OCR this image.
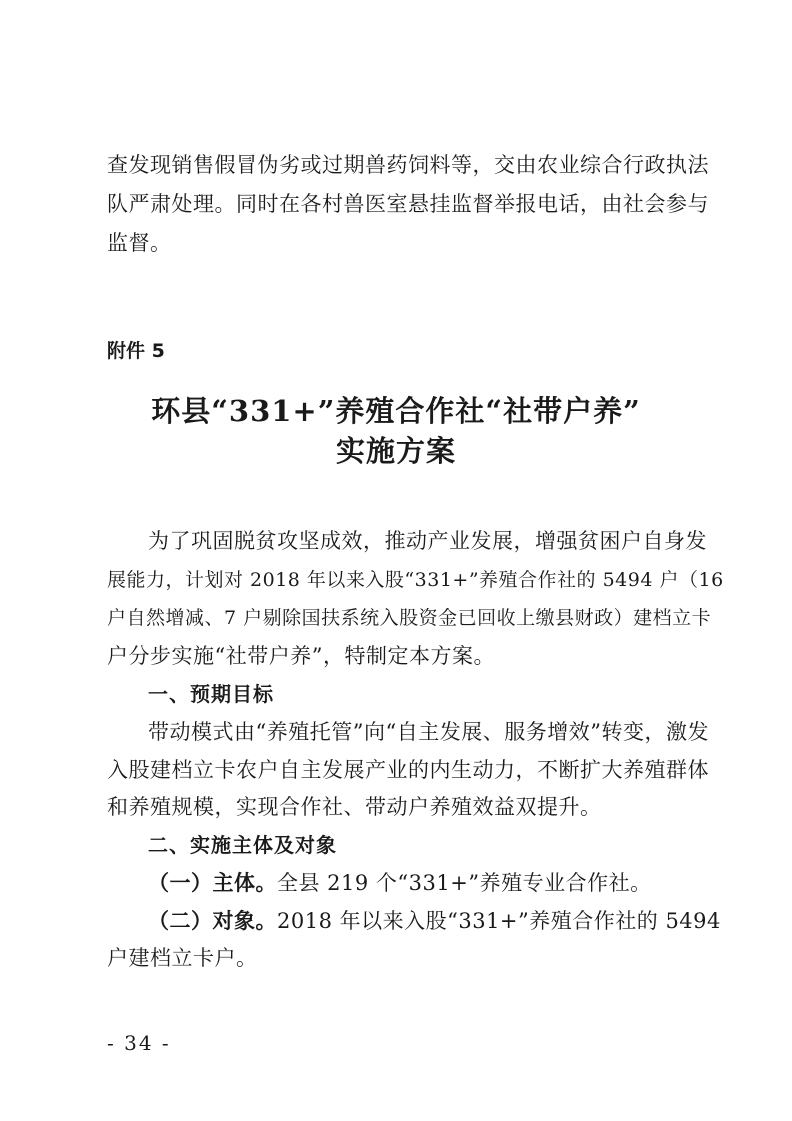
查发现销售假冒伪劣或过期兽药饲料等，交由农业综合行政执法
队严肃处理。同时在各村兽医室悬挂监督举报电话，由社会参与
监督。
附件 5
环县“331+”养殖合作社“社带户养”
实施方案
为了巩固脱贫攻坚成效，推动产业发展，增强贫困户自身发
展能力，计划对 2018 年以来入股“331+”养殖合作社的 5494 户（16
户自然增减、7 户剔除国扶系统入股资金已回收上缴县财政）建档立卡
户分步实施“社带户养”，特制定本方案。
一、预期目标
带动模式由“养殖托管”向“自主发展、服务增效”转变，激发
入股建档立卡农户自主发展产业的内生动力，不断扩大养殖群体
和养殖规模，实现合作社、带动户养殖效益双提升。
二、实施主体及对象
（一）主体。全县 219 个“331+”养殖专业合作社。
（二）对象。2018 年以来入股“331+”养殖合作社的 5494
户建档立卡户。
- 34 -
